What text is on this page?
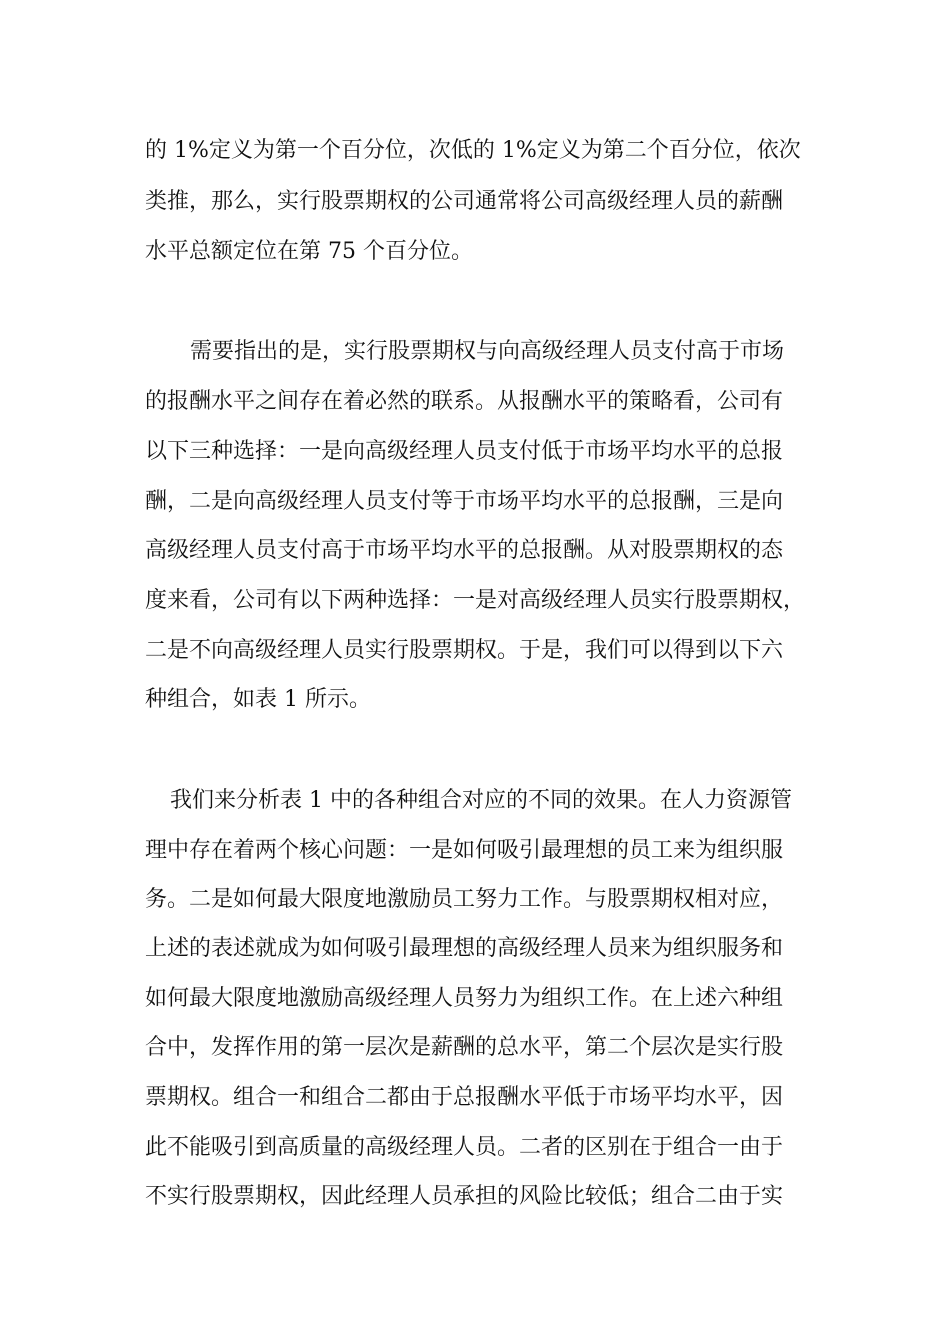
的 1%定义为第一个百分位，次低的 1%定义为第二个百分位，依次
类推，那么，实行股票期权的公司通常将公司高级经理人员的薪酬
水平总额定位在第 75 个百分位。
需要指出的是，实行股票期权与向高级经理人员支付高于市场
的报酬水平之间存在着必然的联系。从报酬水平的策略看，公司有
以下三种选择：一是向高级经理人员支付低于市场平均水平的总报
酬，二是向高级经理人员支付等于市场平均水平的总报酬，三是向
高级经理人员支付高于市场平均水平的总报酬。从对股票期权的态
度来看，公司有以下两种选择：一是对高级经理人员实行股票期权，
二是不向高级经理人员实行股票期权。于是，我们可以得到以下六
种组合，如表 1 所示。
我们来分析表 1 中的各种组合对应的不同的效果。在人力资源管
理中存在着两个核心问题：一是如何吸引最理想的员工来为组织服
务。二是如何最大限度地激励员工努力工作。与股票期权相对应，
上述的表述就成为如何吸引最理想的高级经理人员来为组织服务和
如何最大限度地激励高级经理人员努力为组织工作。在上述六种组
合中，发挥作用的第一层次是薪酬的总水平，第二个层次是实行股
票期权。组合一和组合二都由于总报酬水平低于市场平均水平，因
此不能吸引到高质量的高级经理人员。二者的区别在于组合一由于
不实行股票期权，因此经理人员承担的风险比较低；组合二由于实
